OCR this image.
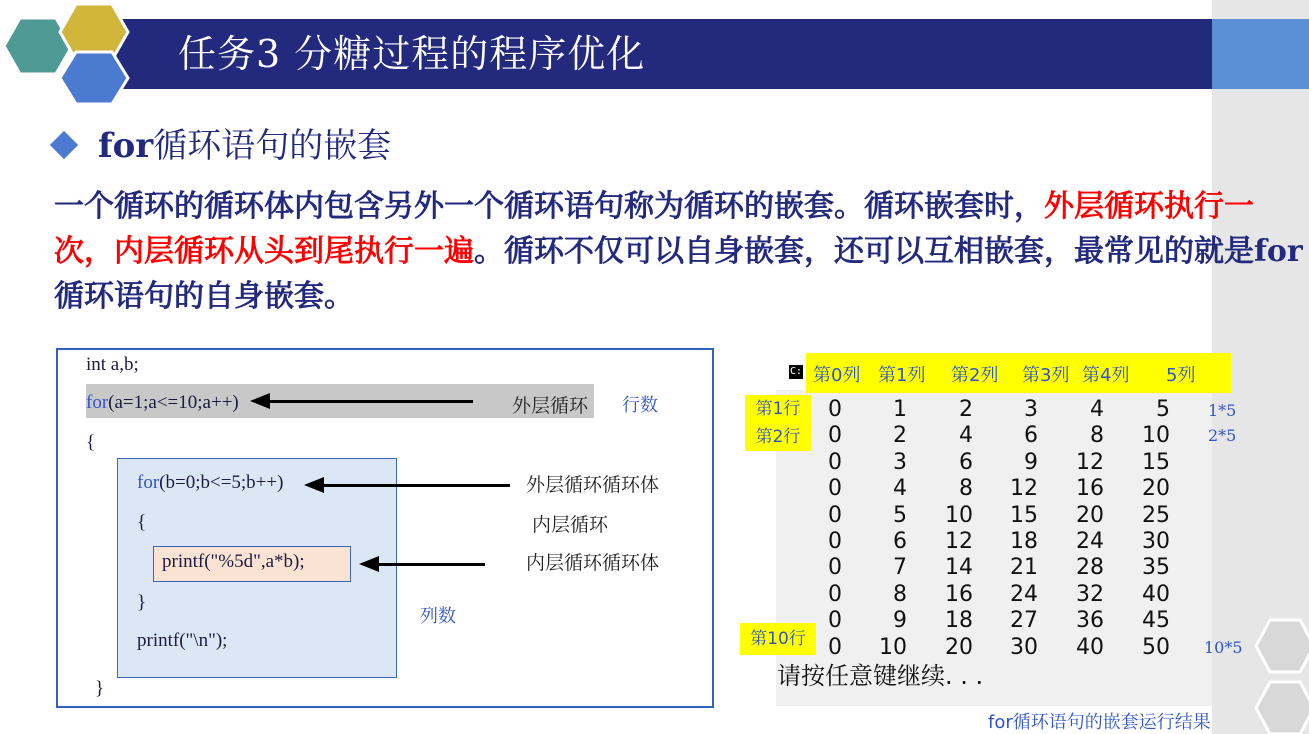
任务3 分糖过程的程序优化
for循环语句的嵌套
一个循环的循环体内包含另外一个循环语句称为循环的嵌套。循环嵌套时，外层循环执行一次，内层循环从头到尾执行一遍。循环不仅可以自身嵌套，还可以互相嵌套，最常见的就是for循环语句的自身嵌套。
int a,b;
for(a=1;a<=10;a++)
{
for(b=0;b<=5;b++)
{
printf("%5d",a*b);
}
printf("\n");
}
外层循环 行数
外层循环循环体
内层循环
内层循环循环体
列数
C: 第0列 第1列 第2列 第3列 第4列 5列
第1行
第2行
第10行
0	1	2	3	4	5
0	2	4	6	8	10
0	3	6	9	12	15
0	4	8	12	16	20
0	5	10	15	20	25
0	6	12	18	24	30
0	7	14	21	28	35
0	8	16	24	32	40
0	9	18	27	36	45
0	10	20	30	40	50
1*5
2*5
10*5
请按任意键继续. . .
for循环语句的嵌套运行结果
